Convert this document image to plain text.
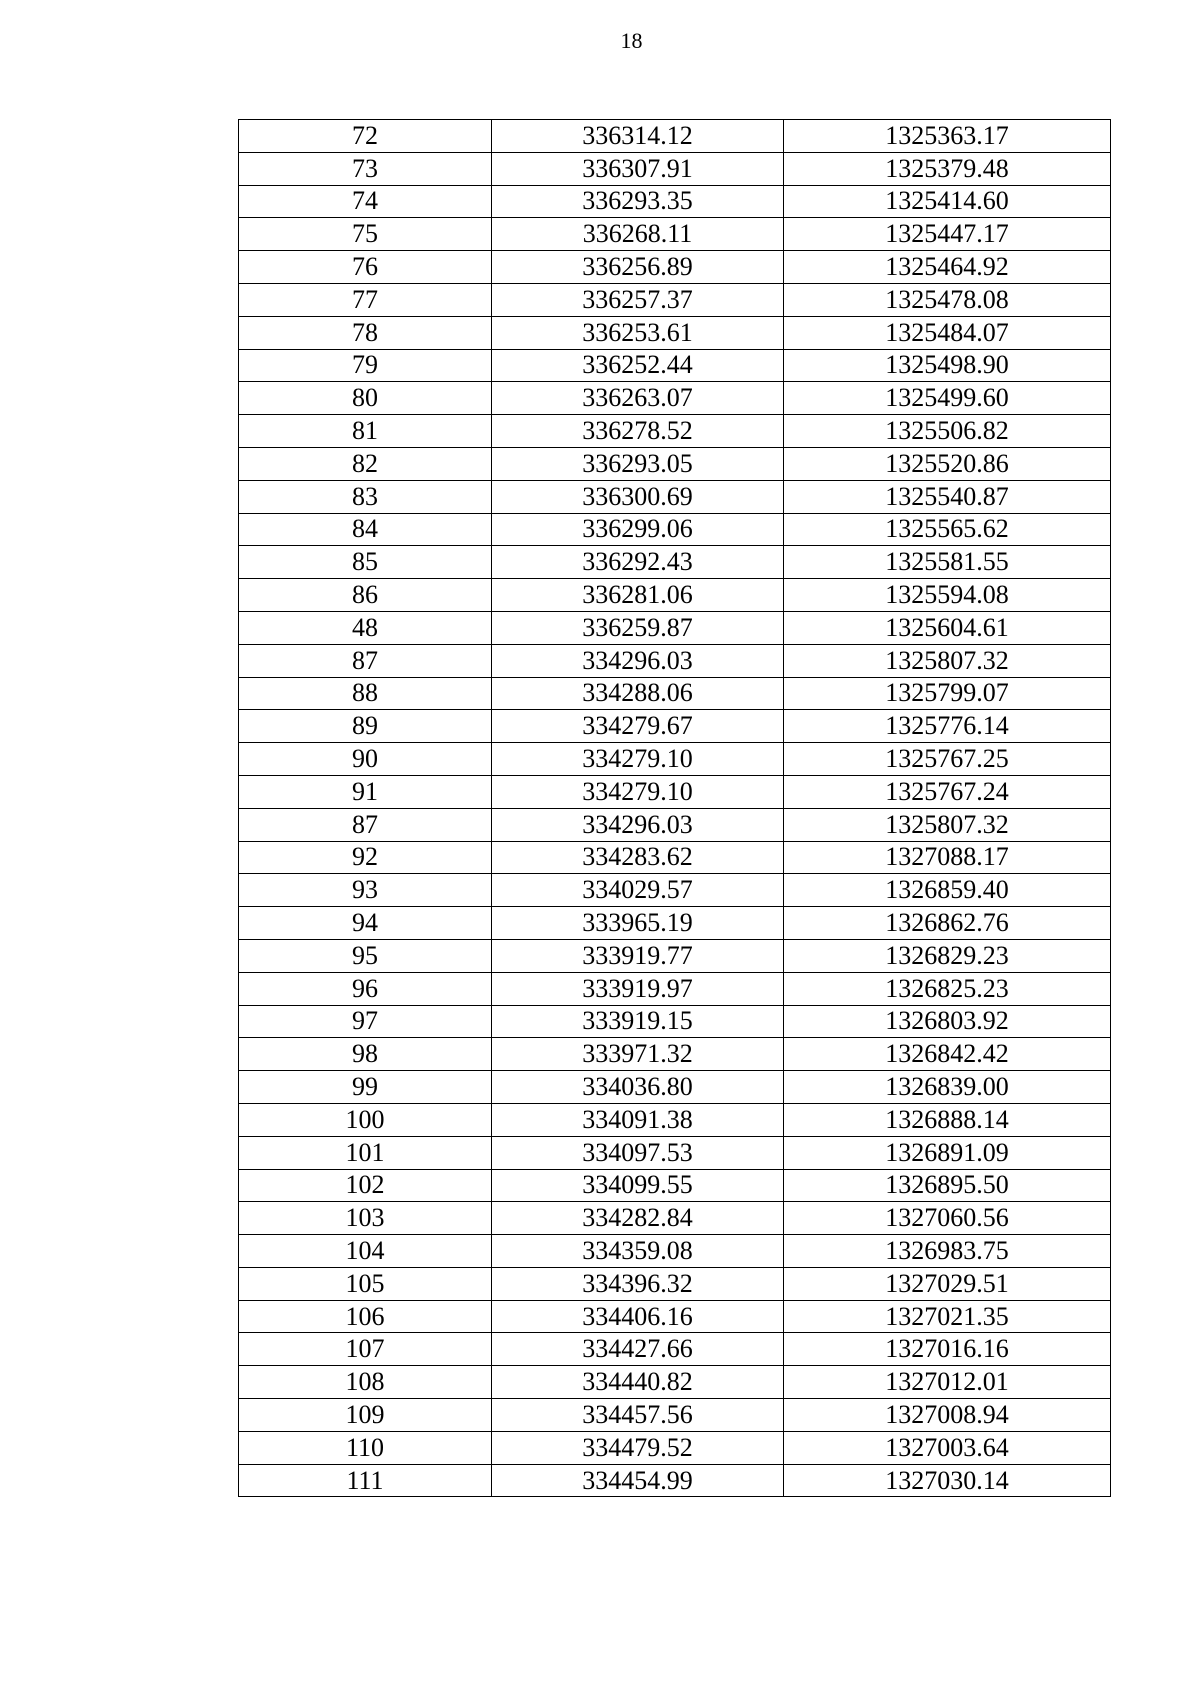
18
72	336314.12	1325363.17
73	336307.91	1325379.48
74	336293.35	1325414.60
75	336268.11	1325447.17
76	336256.89	1325464.92
77	336257.37	1325478.08
78	336253.61	1325484.07
79	336252.44	1325498.90
80	336263.07	1325499.60
81	336278.52	1325506.82
82	336293.05	1325520.86
83	336300.69	1325540.87
84	336299.06	1325565.62
85	336292.43	1325581.55
86	336281.06	1325594.08
48	336259.87	1325604.61
87	334296.03	1325807.32
88	334288.06	1325799.07
89	334279.67	1325776.14
90	334279.10	1325767.25
91	334279.10	1325767.24
87	334296.03	1325807.32
92	334283.62	1327088.17
93	334029.57	1326859.40
94	333965.19	1326862.76
95	333919.77	1326829.23
96	333919.97	1326825.23
97	333919.15	1326803.92
98	333971.32	1326842.42
99	334036.80	1326839.00
100	334091.38	1326888.14
101	334097.53	1326891.09
102	334099.55	1326895.50
103	334282.84	1327060.56
104	334359.08	1326983.75
105	334396.32	1327029.51
106	334406.16	1327021.35
107	334427.66	1327016.16
108	334440.82	1327012.01
109	334457.56	1327008.94
110	334479.52	1327003.64
111	334454.99	1327030.14
